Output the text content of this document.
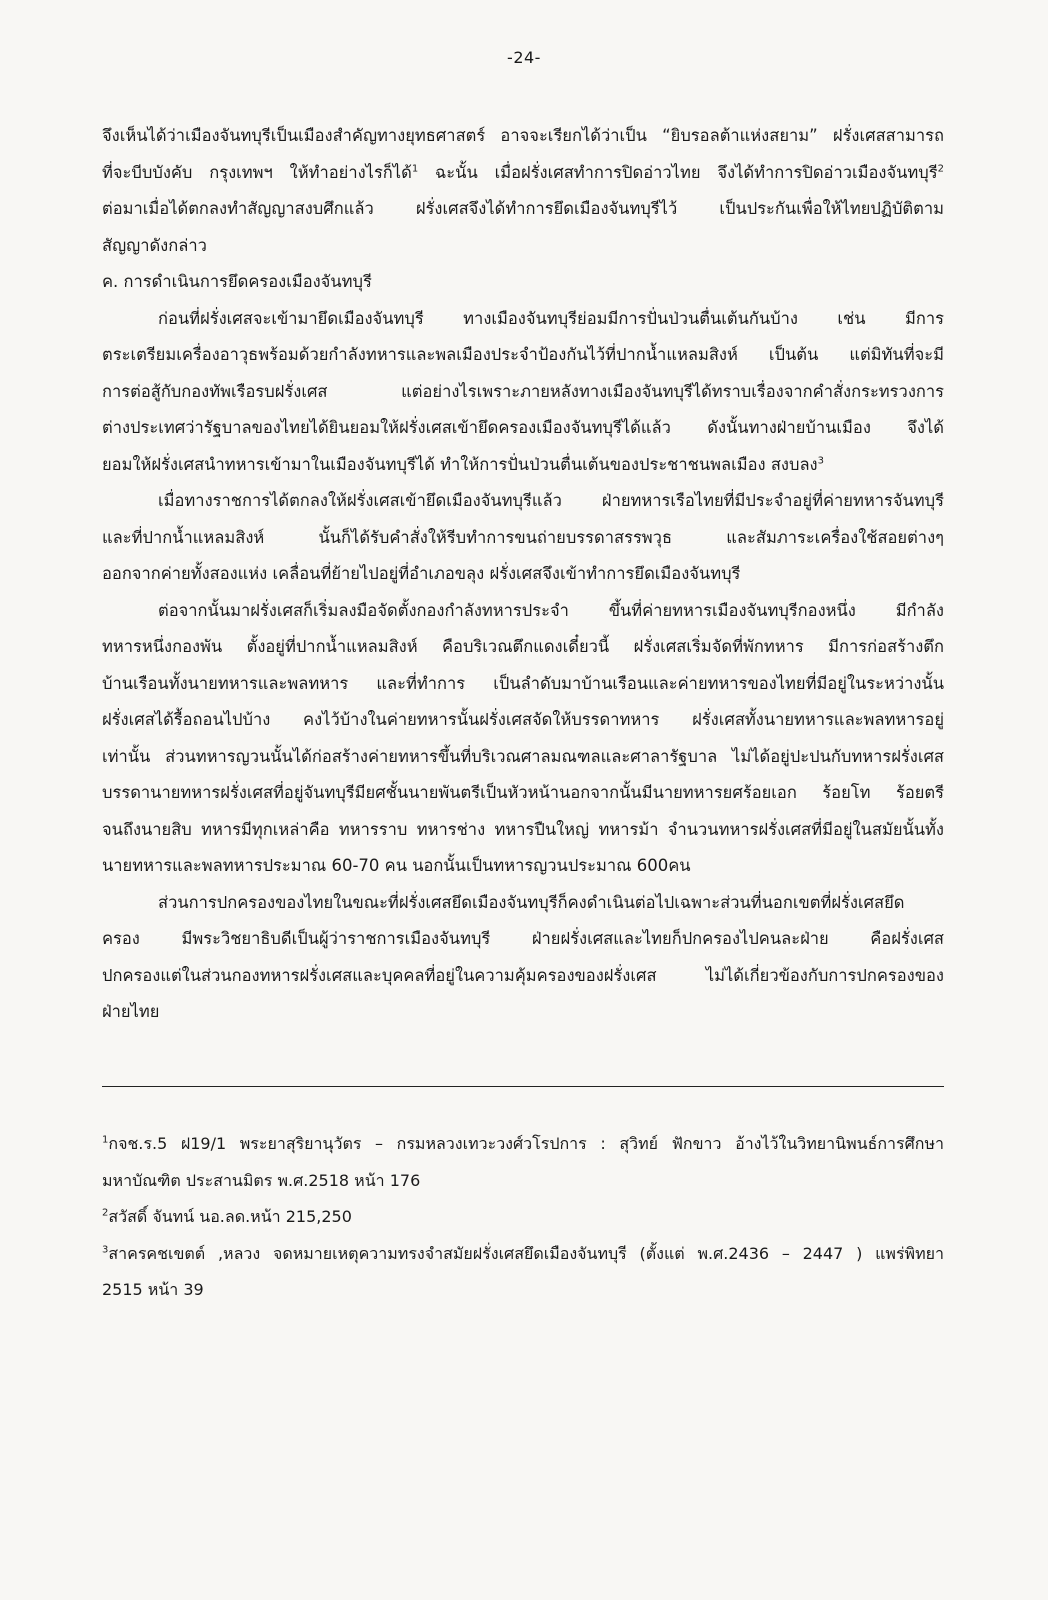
-24-
จึงเห็นได้ว่าเมืองจันทบุรีเป็นเมืองสำคัญทางยุทธศาสตร์ อาจจะเรียกได้ว่าเป็น “ยิบรอลต้าแห่งสยาม” ฝรั่งเศสสามารถ
ที่จะบีบบังคับ กรุงเทพฯ ให้ทำอย่างไรก็ได้$^1$ ฉะนั้น เมื่อฝรั่งเศสทำการปิดอ่าวไทย จึงได้ทำการปิดอ่าวเมืองจันทบุรี$^2$
ต่อมาเมื่อได้ตกลงทำสัญญาสงบศึกแล้ว ฝรั่งเศสจึงได้ทำการยึดเมืองจันทบุรีไว้ เป็นประกันเพื่อให้ไทยปฏิบัติตาม
สัญญาดังกล่าว
ค. การดำเนินการยึดครองเมืองจันทบุรี
ก่อนที่ฝรั่งเศสจะเข้ามายึดเมืองจันทบุรี ทางเมืองจันทบุรีย่อมมีการปั่นป่วนตื่นเต้นกันบ้าง เช่น มีการ
ตระเตรียมเครื่องอาวุธพร้อมด้วยกำลังทหารและพลเมืองประจำป้องกันไว้ที่ปากน้ำแหลมสิงห์ เป็นต้น แต่มิทันที่จะมี
การต่อสู้กับกองทัพเรือรบฝรั่งเศส แต่อย่างไรเพราะภายหลังทางเมืองจันทบุรีได้ทราบเรื่องจากคำสั่งกระทรวงการ
ต่างประเทศว่ารัฐบาลของไทยได้ยินยอมให้ฝรั่งเศสเข้ายึดครองเมืองจันทบุรีได้แล้ว ดังนั้นทางฝ่ายบ้านเมือง จึงได้
ยอมให้ฝรั่งเศสนำทหารเข้ามาในเมืองจันทบุรีได้ ทำให้การปั่นป่วนตื่นเต้นของประชาชนพลเมือง สงบลง$^3$
เมื่อทางราชการได้ตกลงให้ฝรั่งเศสเข้ายึดเมืองจันทบุรีแล้ว ฝ่ายทหารเรือไทยที่มีประจำอยู่ที่ค่ายทหารจันทบุรี
และที่ปากน้ำแหลมสิงห์ นั้นก็ได้รับคำสั่งให้รีบทำการขนถ่ายบรรดาสรรพวุธ และสัมภาระเครื่องใช้สอยต่างๆ
ออกจากค่ายทั้งสองแห่ง เคลื่อนที่ย้ายไปอยู่ที่อำเภอขลุง ฝรั่งเศสจึงเข้าทำการยึดเมืองจันทบุรี
ต่อจากนั้นมาฝรั่งเศสก็เริ่มลงมือจัดตั้งกองกำลังทหารประจำ ขึ้นที่ค่ายทหารเมืองจันทบุรีกองหนึ่ง มีกำลัง
ทหารหนึ่งกองพัน ตั้งอยู่ที่ปากน้ำแหลมสิงห์ คือบริเวณตึกแดงเดี๋ยวนี้ ฝรั่งเศสเริ่มจัดที่พักทหาร มีการก่อสร้างตึก
บ้านเรือนทั้งนายทหารและพลทหาร และที่ทำการ เป็นลำดับมาบ้านเรือนและค่ายทหารของไทยที่มีอยู่ในระหว่างนั้น
ฝรั่งเศสได้รื้อถอนไปบ้าง คงไว้บ้างในค่ายทหารนั้นฝรั่งเศสจัดให้บรรดาทหาร ฝรั่งเศสทั้งนายทหารและพลทหารอยู่
เท่านั้น ส่วนทหารญวนนั้นได้ก่อสร้างค่ายทหารขึ้นที่บริเวณศาลมณฑลและศาลารัฐบาล ไม่ได้อยู่ปะปนกับทหารฝรั่งเศส
บรรดานายทหารฝรั่งเศสที่อยู่จันทบุรีมียศชั้นนายพันตรีเป็นหัวหน้านอกจากนั้นมีนายทหารยศร้อยเอก ร้อยโท ร้อยตรี
จนถึงนายสิบ ทหารมีทุกเหล่าคือ ทหารราบ ทหารช่าง ทหารปืนใหญ่ ทหารม้า จำนวนทหารฝรั่งเศสที่มีอยู่ในสมัยนั้นทั้ง
นายทหารและพลทหารประมาณ 60-70 คน นอกนั้นเป็นทหารญวนประมาณ 600คน
ส่วนการปกครองของไทยในขณะที่ฝรั่งเศสยึดเมืองจันทบุรีก็คงดำเนินต่อไปเฉพาะส่วนที่นอกเขตที่ฝรั่งเศสยึด
ครอง มีพระวิชยาธิบดีเป็นผู้ว่าราชการเมืองจันทบุรี ฝ่ายฝรั่งเศสและไทยก็ปกครองไปคนละฝ่าย คือฝรั่งเศส
ปกครองแต่ในส่วนกองทหารฝรั่งเศสและบุคคลที่อยู่ในความคุ้มครองของฝรั่งเศส ไม่ได้เกี่ยวข้องกับการปกครองของ
ฝ่ายไทย
$^1$กจช.ร.5 ฝ19/1 พระยาสุริยานุวัตร – กรมหลวงเทวะวงศ์วโรปการ : สุวิทย์ ฟักขาว อ้างไว้ในวิทยานิพนธ์การศึกษา
มหาบัณฑิต ประสานมิตร พ.ศ.2518 หน้า 176
$^2$สวัสดิ์ จันทน์ นอ.ลด.หน้า 215,250
$^3$สาครคชเขตต์ ,หลวง จดหมายเหตุความทรงจำสมัยฝรั่งเศสยึดเมืองจันทบุรี (ตั้งแต่ พ.ศ.2436 – 2447 ) แพร่พิทยา
2515 หน้า 39
